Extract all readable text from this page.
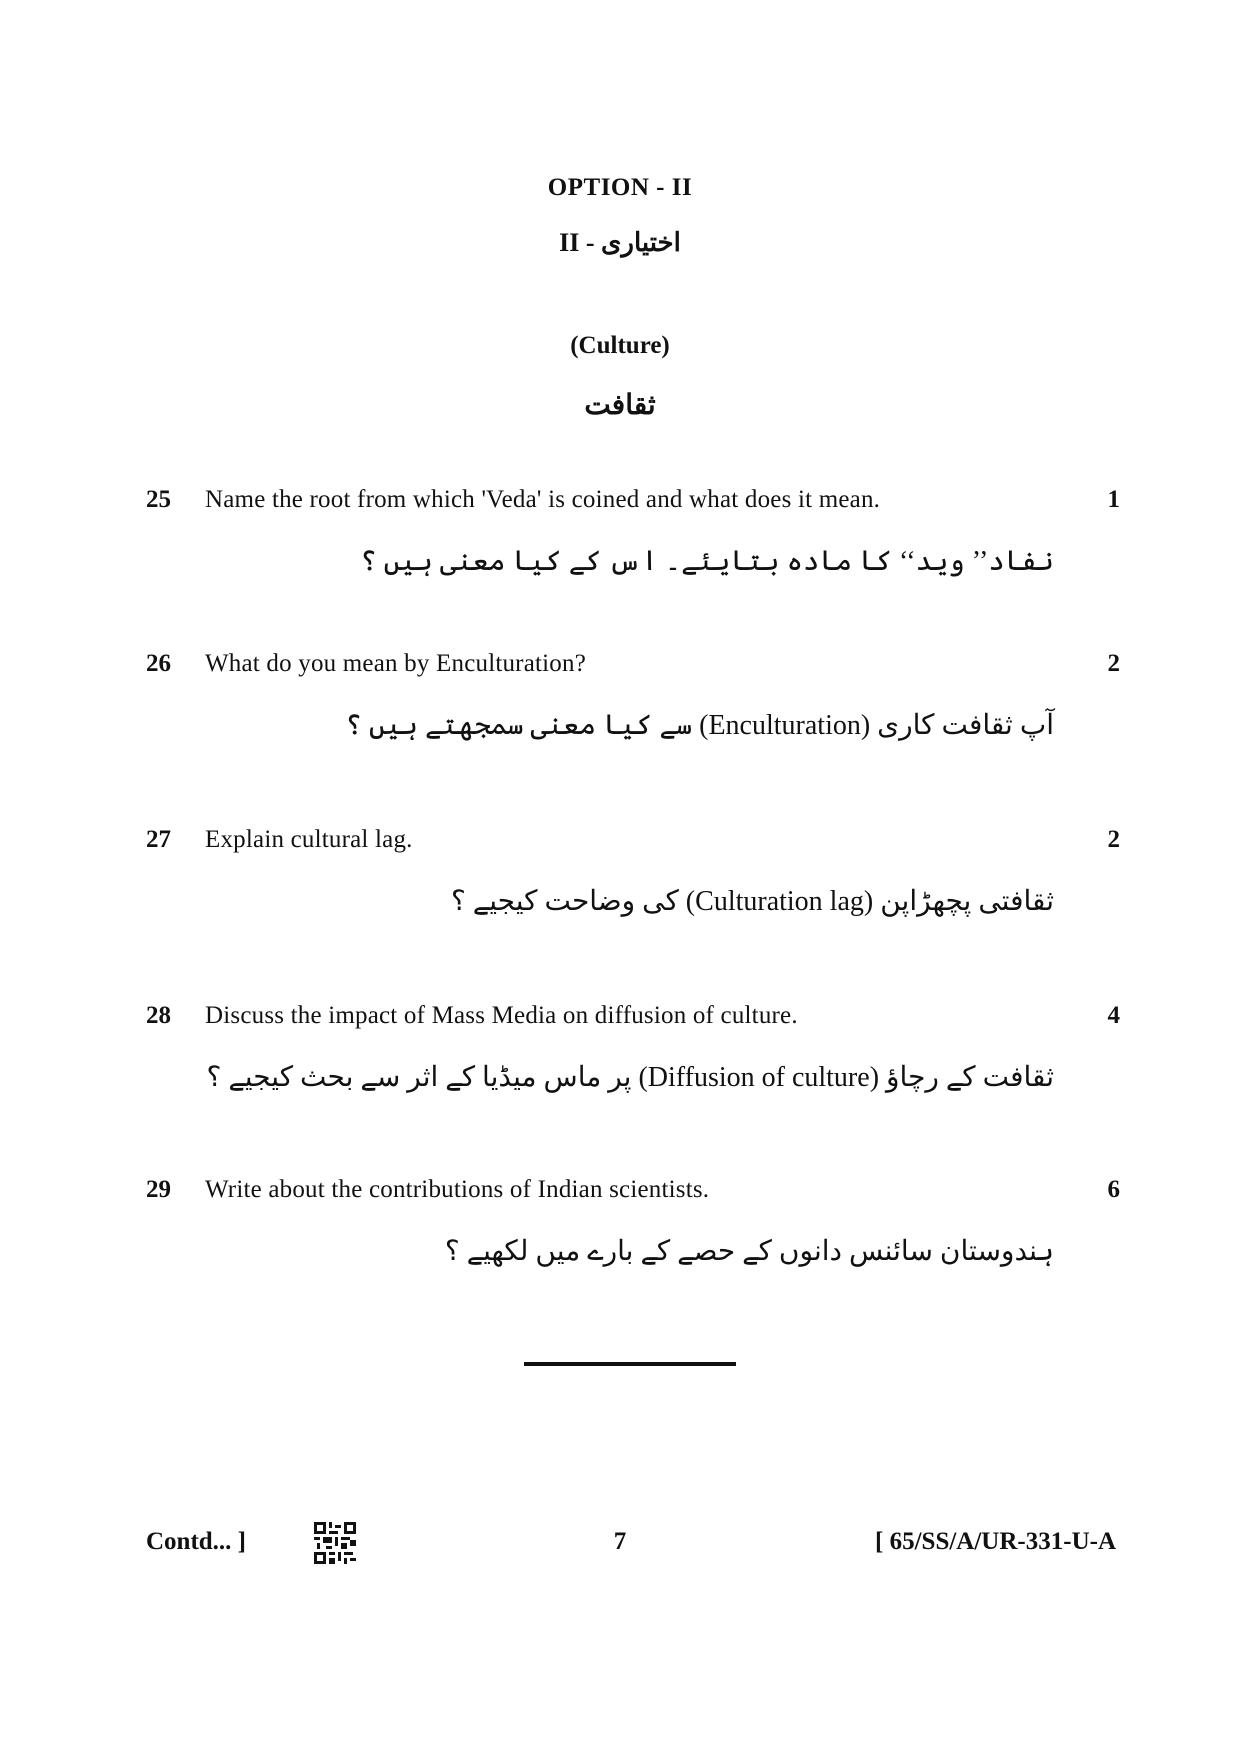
OPTION - II
اختیاری - II
(Culture)
ثقافت
25 Name the root from which 'Veda' is coined and what does it mean.	1
نفاد’’ وید‘‘ کا مادہ بتایئے۔ اس کے کیا معنی ہیں ؟
26 What do you mean by Enculturation?	2
آپ ثقافت کاری (Enculturation) سے کیا معنی سمجھتے ہیں ؟
27 Explain cultural lag.	2
ثقافتی پچھڑاپن (Culturation lag) کی وضاحت کیجیے ؟
28 Discuss the impact of Mass Media on diffusion of culture.	4
ثقافت کے رچاؤ (Diffusion of culture) پر ماس میڈیا کے اثر سے بحث کیجیے ؟
29 Write about the contributions of Indian scientists.	6
ہندوستان سائنس دانوں کے حصے کے بارے میں لکھیے ؟
Contd... ]	7	[ 65/SS/A/UR-331-U-A
